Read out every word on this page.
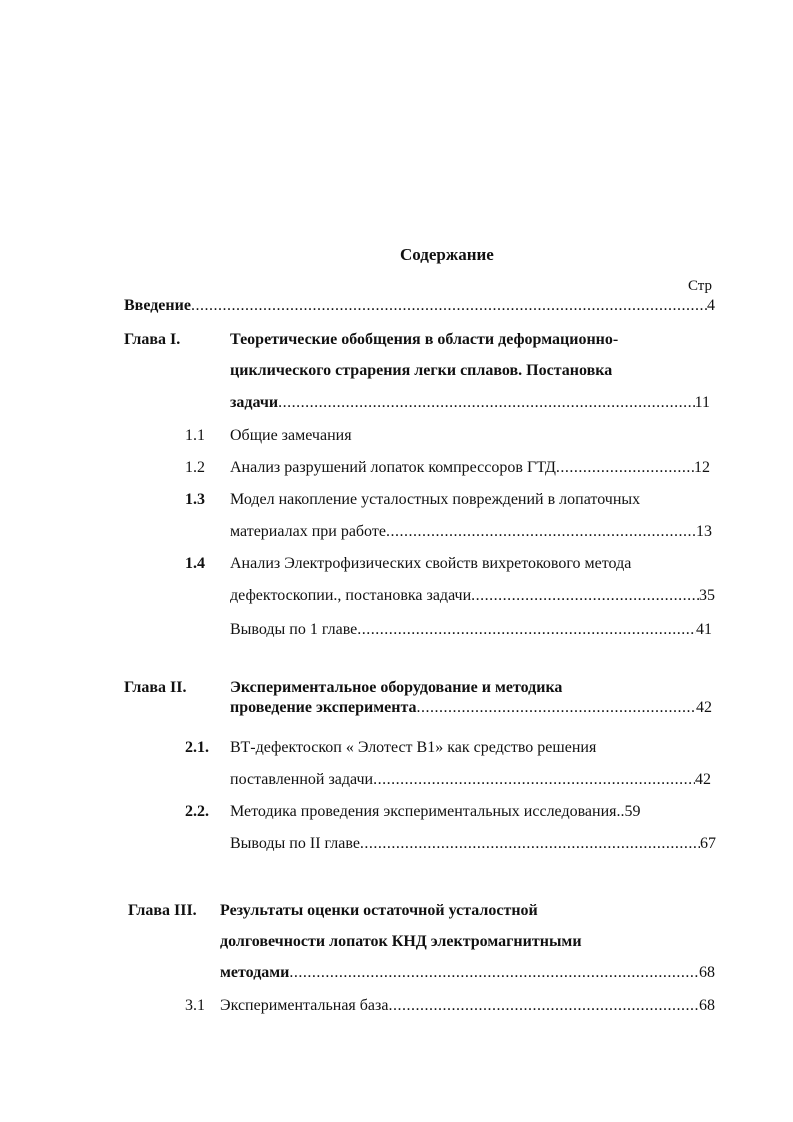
Содержание
Стр
Введение .....	4
Глава I.	Теоретические обобщения в области деформационно-
циклического страрения легки сплавов. Постановка
задачи .....	11
1.1 Общие замечания
1.2 Анализ разрушений лопаток компрессоров ГТД .....	12
1.3 Модел накопление усталостных повреждений в лопаточных
материалах при работе .....	13
1.4 Анализ Электрофизических свойств вихретокового метода
дефектоскопии., постановка задачи .....	35
Выводы по 1 главе .....	41
Глава II.	Экспериментальное оборудование и методика
проведение эксперимента .....	42
2.1. ВТ-дефектоскоп « Элотест В1» как средство решения
поставленной задачи .....	42
2.2. Методика проведения экспериментальных исследования..59
Выводы по II главе .....	67
Глава III. Результаты оценки остаточной усталостной
долговечности лопаток КНД электромагнитными
методами .....	68
3.1 Экспериментальная база .....	68
